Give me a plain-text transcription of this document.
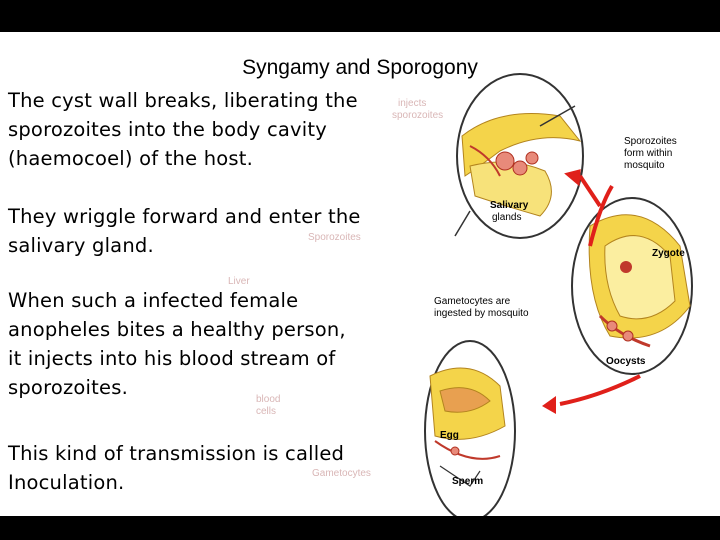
injects
sporozoites
Sporozoites
Liver
blood
cells
Gametocytes
Salivary
glands
Sporozoites
form within
mosquito
Zygote
Gametocytes are
ingested by mosquito
Oocysts
Egg
Sperm
Syngamy and Sporogony
The cyst wall breaks, liberating the
sporozoites into the body cavity
(haemocoel) of the host.
They wriggle forward and enter the
salivary gland.
When such a infected female
anopheles bites a healthy person,
it injects into his blood stream of
sporozoites.
This kind of transmission is called
Inoculation.
